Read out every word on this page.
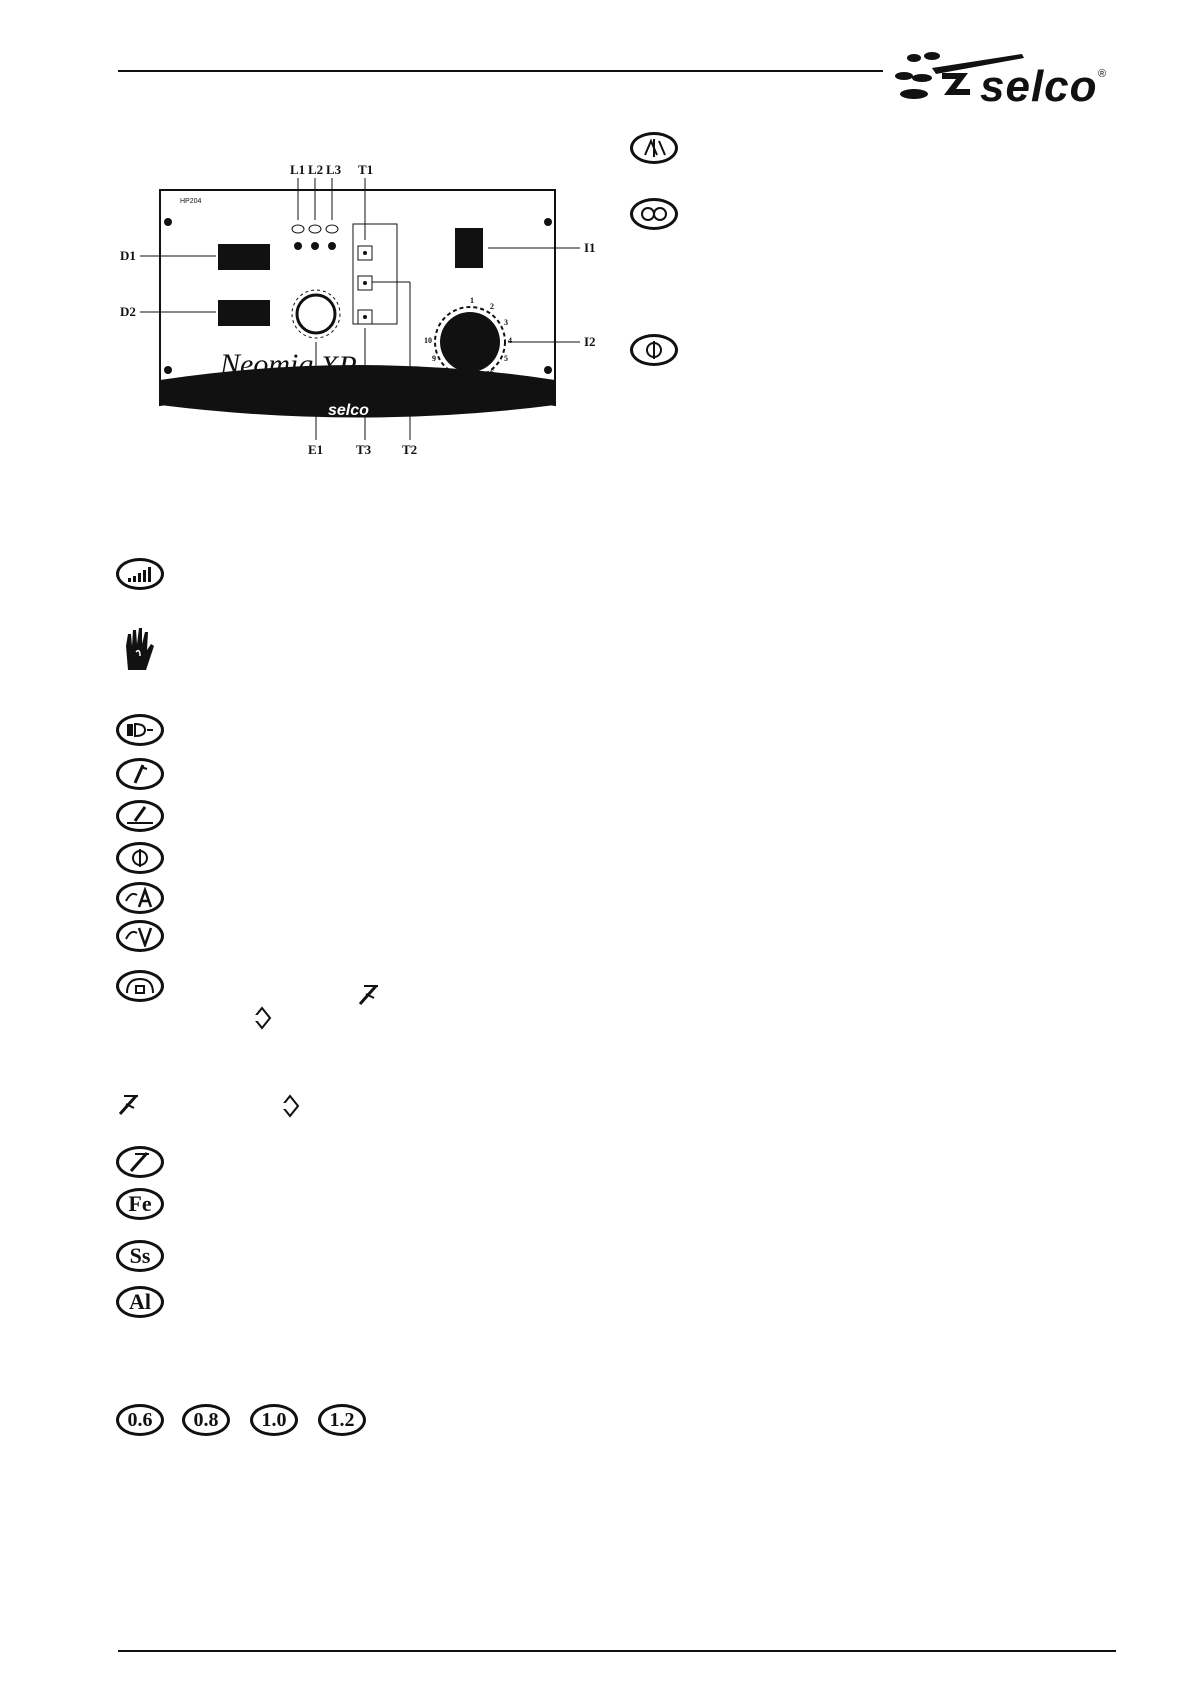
selco ®
HP204
Neomig XP
selco
1
2
3
4
5
6
7
8
9
10
L1 L2 L3 T1
D1
D2
I1
I2
E1	T3 T2
Fe
Ss
Al
0.6 0.8 1.0 1.2
